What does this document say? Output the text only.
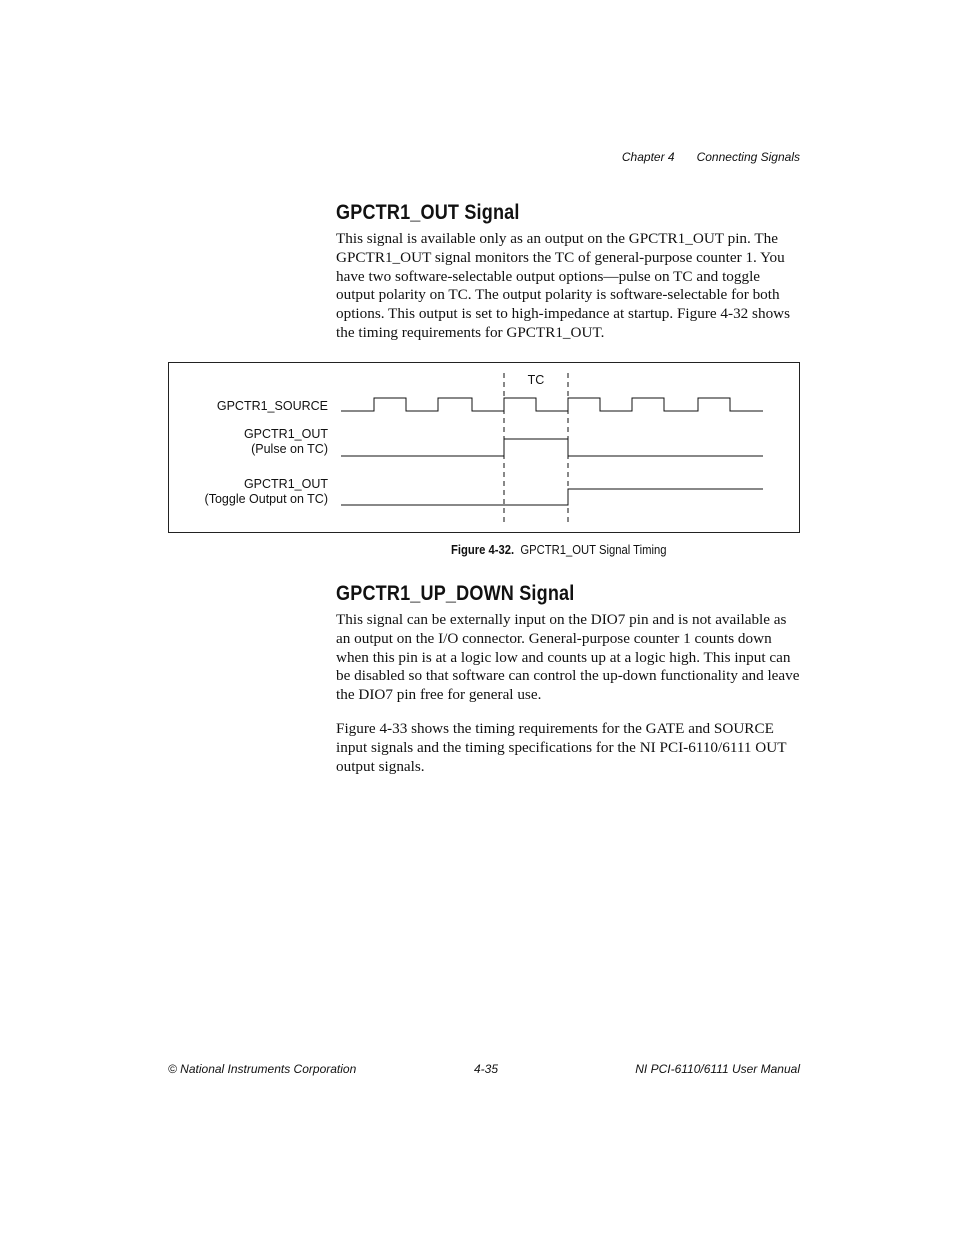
Chapter 4 Connecting Signals
GPCTR1_OUT Signal

This signal is available only as an output on the GPCTR1_OUT pin. The GPCTR1_OUT signal monitors the TC of general-purpose counter 1. You have two software-selectable output options—pulse on TC and toggle output polarity on TC. The output polarity is software-selectable for both options. This output is set to high-impedance at startup. Figure 4-32 shows the timing requirements for GPCTR1_OUT.

GPCTR1_SOURCE
GPCTR1_OUT
(Pulse on TC)
GPCTR1_OUT
(Toggle Output on TC)
TC
Figure 4-32. GPCTR1_OUT Signal Timing
GPCTR1_UP_DOWN Signal

This signal can be externally input on the DIO7 pin and is not available as an output on the I/O connector. General-purpose counter 1 counts down when this pin is at a logic low and counts up at a logic high. This input can be disabled so that software can control the up-down functionality and leave the DIO7 pin free for general use.

Figure 4-33 shows the timing requirements for the GATE and SOURCE input signals and the timing specifications for the NI PCI-6110/6111 OUT output signals.

© National Instruments Corporation	4-35	NI PCI-6110/6111 User Manual
